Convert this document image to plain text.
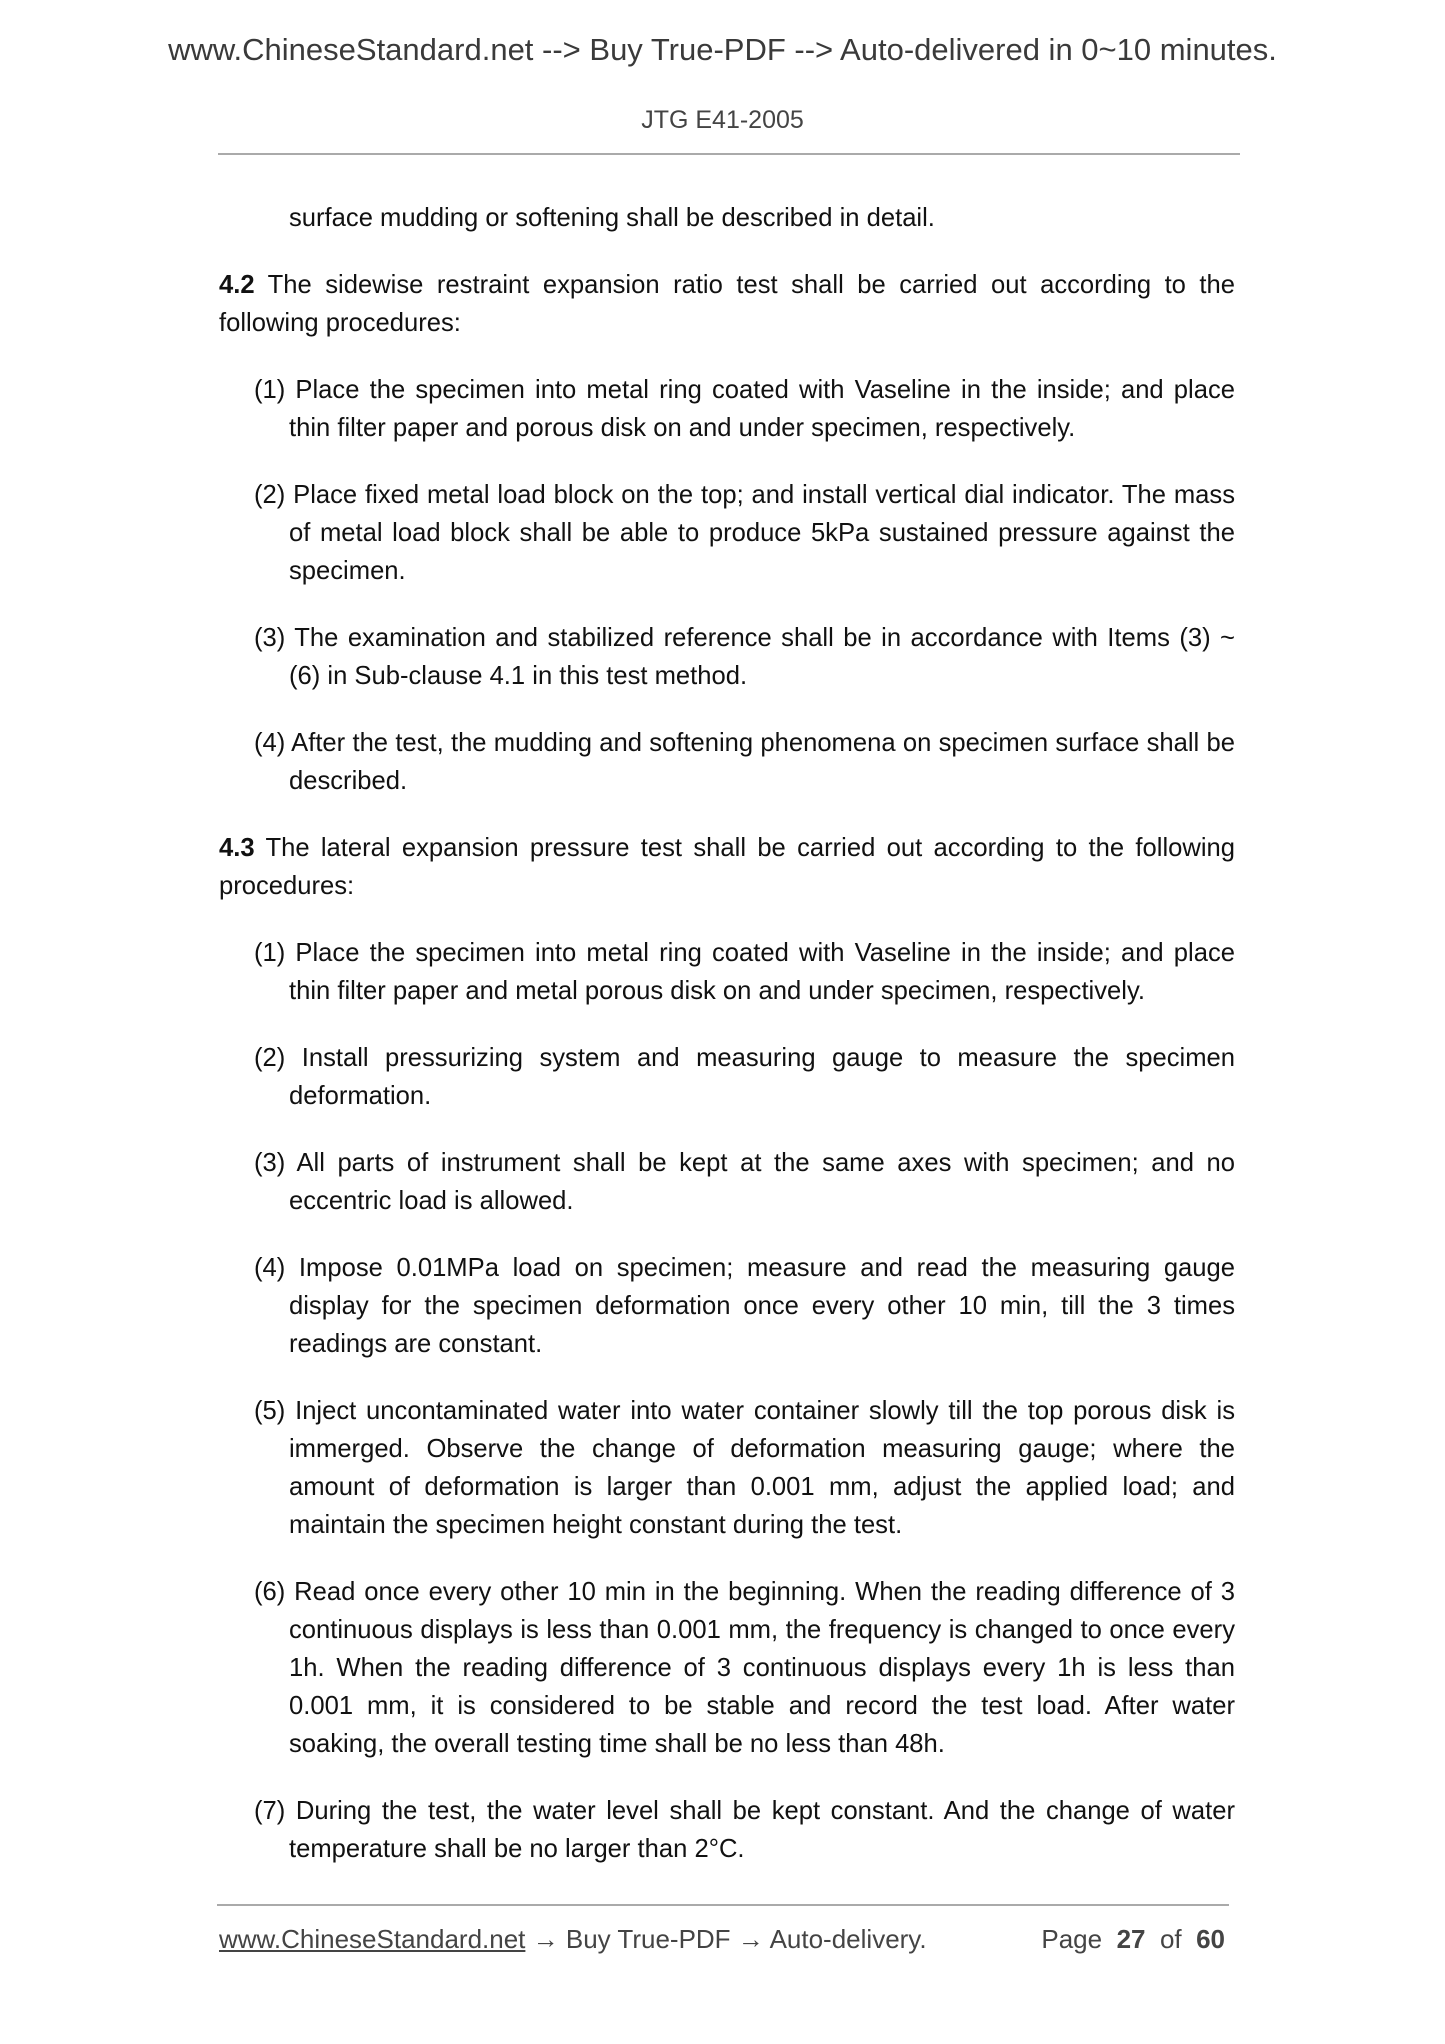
www.ChineseStandard.net --> Buy True-PDF --> Auto-delivered in 0~10 minutes.
JTG E41-2005

surface mudding or softening shall be described in detail.

4.2 The sidewise restraint expansion ratio test shall be carried out according to the following procedures:

(1) Place the specimen into metal ring coated with Vaseline in the inside; and place thin filter paper and porous disk on and under specimen, respectively.

(2) Place fixed metal load block on the top; and install vertical dial indicator. The mass of metal load block shall be able to produce 5kPa sustained pressure against the specimen.

(3) The examination and stabilized reference shall be in accordance with Items (3) ~ (6) in Sub-clause 4.1 in this test method.

(4) After the test, the mudding and softening phenomena on specimen surface shall be described.

4.3 The lateral expansion pressure test shall be carried out according to the following procedures:

(1) Place the specimen into metal ring coated with Vaseline in the inside; and place thin filter paper and metal porous disk on and under specimen, respectively.

(2) Install pressurizing system and measuring gauge to measure the specimen deformation.

(3) All parts of instrument shall be kept at the same axes with specimen; and no eccentric load is allowed.

(4) Impose 0.01MPa load on specimen; measure and read the measuring gauge display for the specimen deformation once every other 10 min, till the 3 times readings are constant.

(5) Inject uncontaminated water into water container slowly till the top porous disk is immerged. Observe the change of deformation measuring gauge; where the amount of deformation is larger than 0.001 mm, adjust the applied load; and maintain the specimen height constant during the test.

(6) Read once every other 10 min in the beginning. When the reading difference of 3 continuous displays is less than 0.001 mm, the frequency is changed to once every 1h. When the reading difference of 3 continuous displays every 1h is less than 0.001 mm, it is considered to be stable and record the test load. After water soaking, the overall testing time shall be no less than 48h.

(7) During the test, the water level shall be kept constant. And the change of water temperature shall be no larger than 2°C.

www.ChineseStandard.net → Buy True-PDF → Auto-delivery.	Page 27 of 60
